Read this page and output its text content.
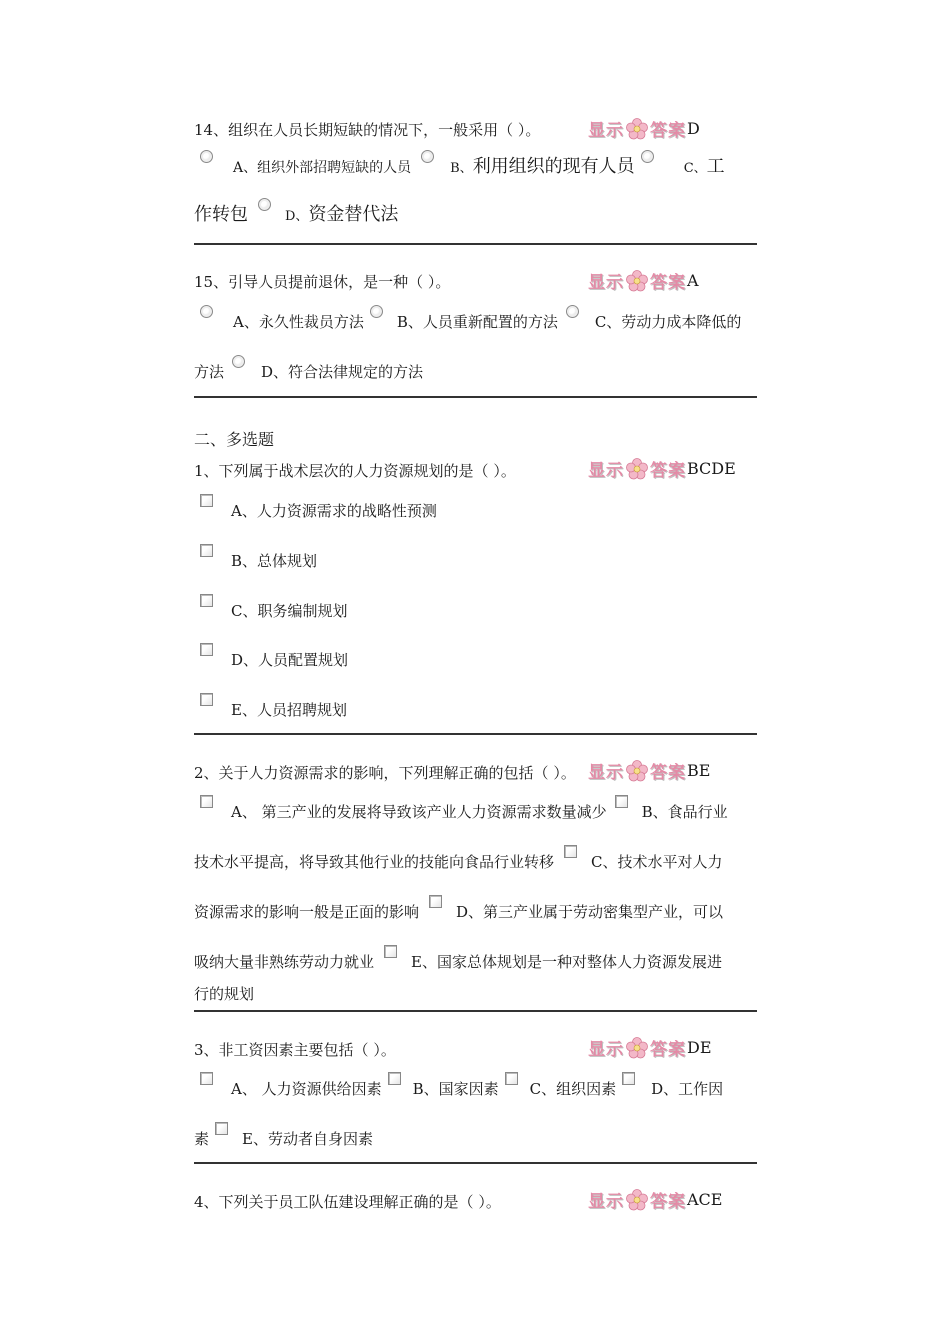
14、组织在人员长期短缺的情况下，一般采用（ ）。	显示 答案 D
A、组织外部招聘短缺的人员	B、利用组织的现有人员	C、工
作转包	D、资金替代法
15、引导人员提前退休，是一种（ ）。	显示 答案 A
A、永久性裁员方法 B、人员重新配置的方法 C、劳动力成本降低的
方法 D、符合法律规定的方法
二、多选题
1、下列属于战术层次的人力资源规划的是（ ）。	显示 答案 BCDE
A、人力资源需求的战略性预测
B、总体规划
C、职务编制规划
D、人员配置规划
E、人员招聘规划
2、关于人力资源需求的影响，下列理解正确的包括（ ）。 显示 答案 BE
A、 第三产业的发展将导致该产业人力资源需求数量减少 B、食品行业
技术水平提高，将导致其他行业的技能向食品行业转移 C、技术水平对人力
资源需求的影响一般是正面的影响 D、第三产业属于劳动密集型产业，可以
吸纳大量非熟练劳动力就业 E、国家总体规划是一种对整体人力资源发展进
行的规划
3、非工资因素主要包括（ ）。	显示 答案 DE
A、 人力资源供给因素 B、国家因素 C、组织因素 D、工作因
素 E、劳动者自身因素
4、下列关于员工队伍建设理解正确的是（ ）。	显示 答案 ACE
